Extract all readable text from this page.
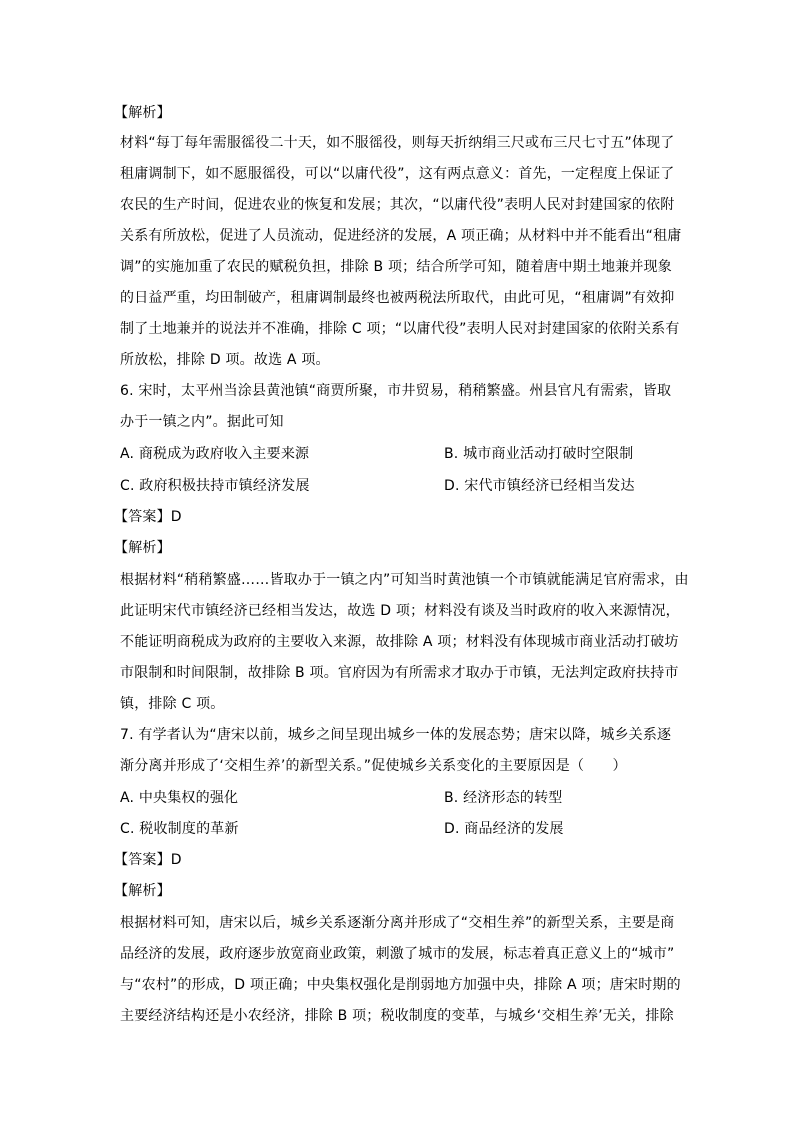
【解析】
材料“每丁每年需服徭役二十天，如不服徭役，则每天折纳绢三尺或布三尺七寸五”体现了
租庸调制下，如不愿服徭役，可以“以庸代役”，这有两点意义：首先，一定程度上保证了
农民的生产时间，促进农业的恢复和发展；其次，“以庸代役”表明人民对封建国家的依附
关系有所放松，促进了人员流动，促进经济的发展，A 项正确；从材料中并不能看出“租庸
调”的实施加重了农民的赋税负担，排除 B 项；结合所学可知，随着唐中期土地兼并现象
的日益严重，均田制破产，租庸调制最终也被两税法所取代，由此可见，“租庸调”有效抑
制了土地兼并的说法并不准确，排除 C 项；“以庸代役”表明人民对封建国家的依附关系有
所放松，排除 D 项。故选 A 项。
6. 宋时，太平州当涂县黄池镇“商贾所聚，市井贸易，稍稍繁盛。州县官凡有需索，皆取
办于一镇之内”。据此可知
A. 商税成为政府收入主要来源	B. 城市商业活动打破时空限制
C. 政府积极扶持市镇经济发展	D. 宋代市镇经济已经相当发达
【答案】D
【解析】
根据材料“稍稍繁盛……皆取办于一镇之内”可知当时黄池镇一个市镇就能满足官府需求，由
此证明宋代市镇经济已经相当发达，故选 D 项；材料没有谈及当时政府的收入来源情况，
不能证明商税成为政府的主要收入来源，故排除 A 项；材料没有体现城市商业活动打破坊
市限制和时间限制，故排除 B 项。官府因为有所需求才取办于市镇，无法判定政府扶持市
镇，排除 C 项。
7. 有学者认为“唐宋以前，城乡之间呈现出城乡一体的发展态势；唐宋以降，城乡关系逐
渐分离并形成了‘交相生养’的新型关系。”促使城乡关系变化的主要原因是（　　）
A. 中央集权的强化	B. 经济形态的转型
C. 税收制度的革新	D. 商品经济的发展
【答案】D
【解析】
根据材料可知，唐宋以后，城乡关系逐渐分离并形成了“交相生养”的新型关系，主要是商
品经济的发展，政府逐步放宽商业政策，刺激了城市的发展，标志着真正意义上的“城市”
与“农村”的形成，D 项正确；中央集权强化是削弱地方加强中央，排除 A 项；唐宋时期的
主要经济结构还是小农经济，排除 B 项；税收制度的变革，与城乡‘交相生养’无关，排除
